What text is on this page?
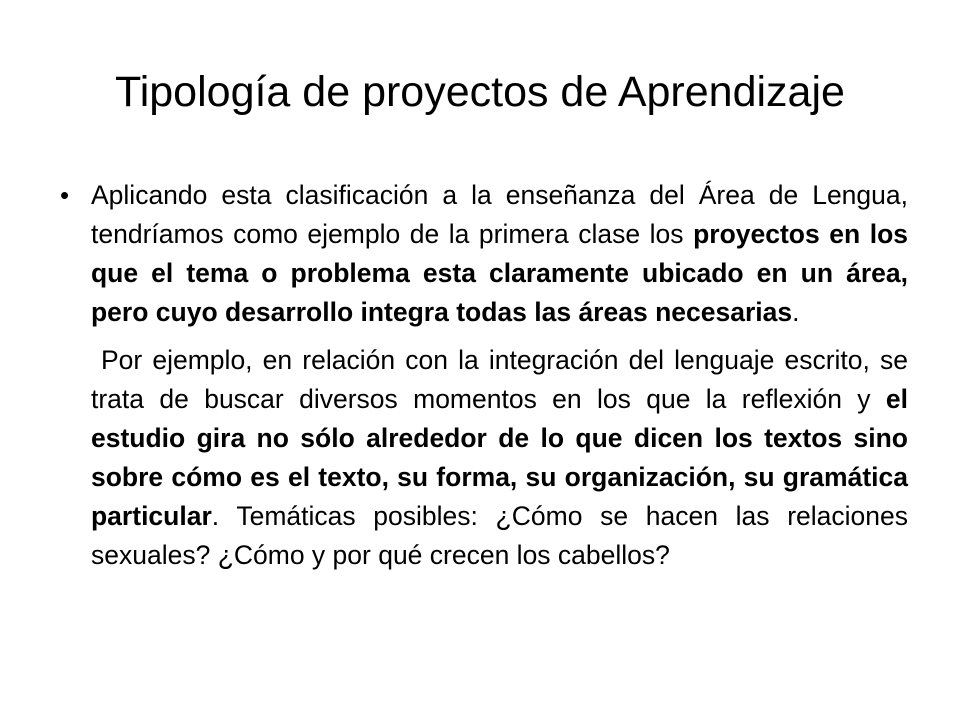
Tipología de proyectos de Aprendizaje
• Aplicando esta clasificación a la enseñanza del Área de Lengua, tendríamos como ejemplo de la primera clase los proyectos en los que el tema o problema esta claramente ubicado en un área, pero cuyo desarrollo integra todas las áreas necesarias.

Por ejemplo, en relación con la integración del lenguaje escrito, se trata de buscar diversos momentos en los que la reflexión y el estudio gira no sólo alrededor de lo que dicen los textos sino sobre cómo es el texto, su forma, su organización, su gramática particular. Temáticas posibles: ¿Cómo se hacen las relaciones sexuales? ¿Cómo y por qué crecen los cabellos?
